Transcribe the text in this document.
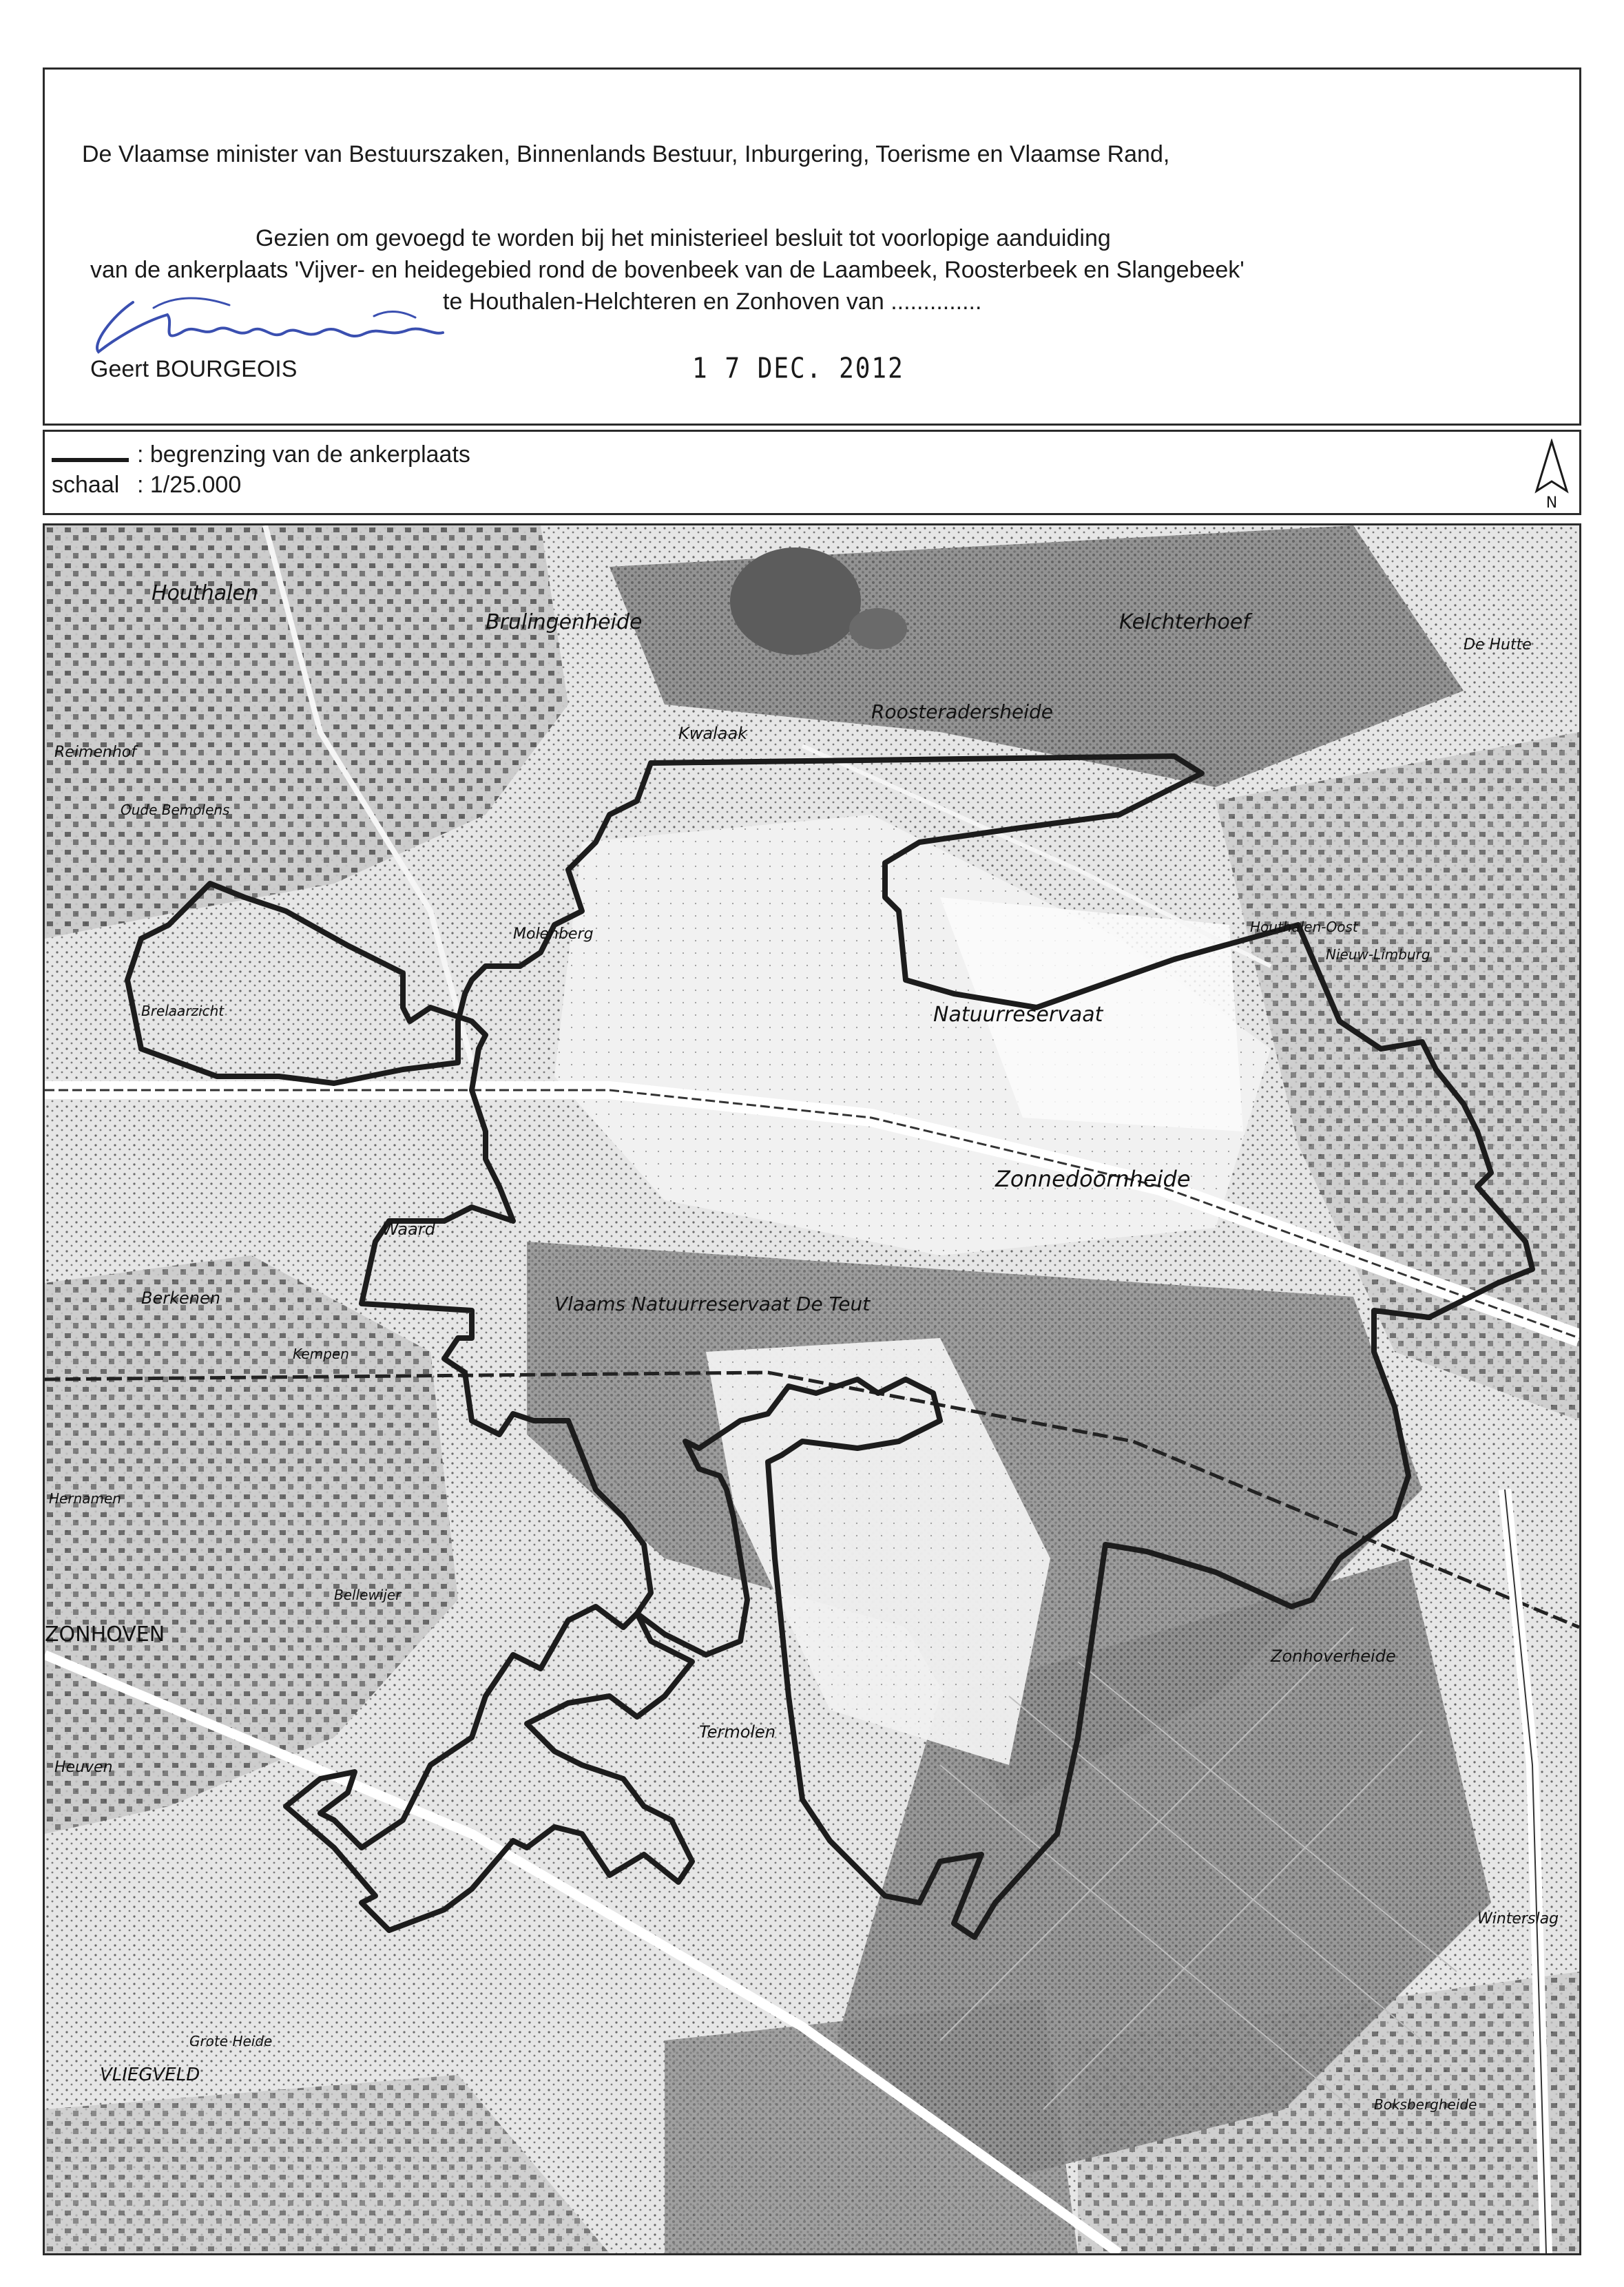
De Vlaamse minister van Bestuurszaken, Binnenlands Bestuur, Inburgering, Toerisme en Vlaamse Rand,
Gezien om gevoegd te worden bij het ministerieel besluit tot voorlopige aanduiding
van de ankerplaats 'Vijver- en heidegebied rond de bovenbeek van de Laambeek, Roosterbeek en Slangebeek'
te Houthalen-Helchteren en Zonhoven van ..............
Geert BOURGEOIS	1 7 DEC. 2012
: begrenzing van de ankerplaats
schaal : 1/25.000
N
Houthalen
Reimenhof
Oude Bemolens
Molenberg
Kwalaak
Brulingenheide	Kelchterhoef
De Hutte
Roosteradersheide
Natuurreservaat
Houthalen-Oost
Nieuw-Limburg
Zonnedoornheide
Vlaams Natuurreservaat De Teut
Waard
Berkenen
Kempen
Hernamen
Bellewijer
Termolen
ZONHOVEN
Heuven
Grote Heide
VLIEGVELD
Zonhoverheide
Winterslag
Boksbergheide
Brelaarzicht
